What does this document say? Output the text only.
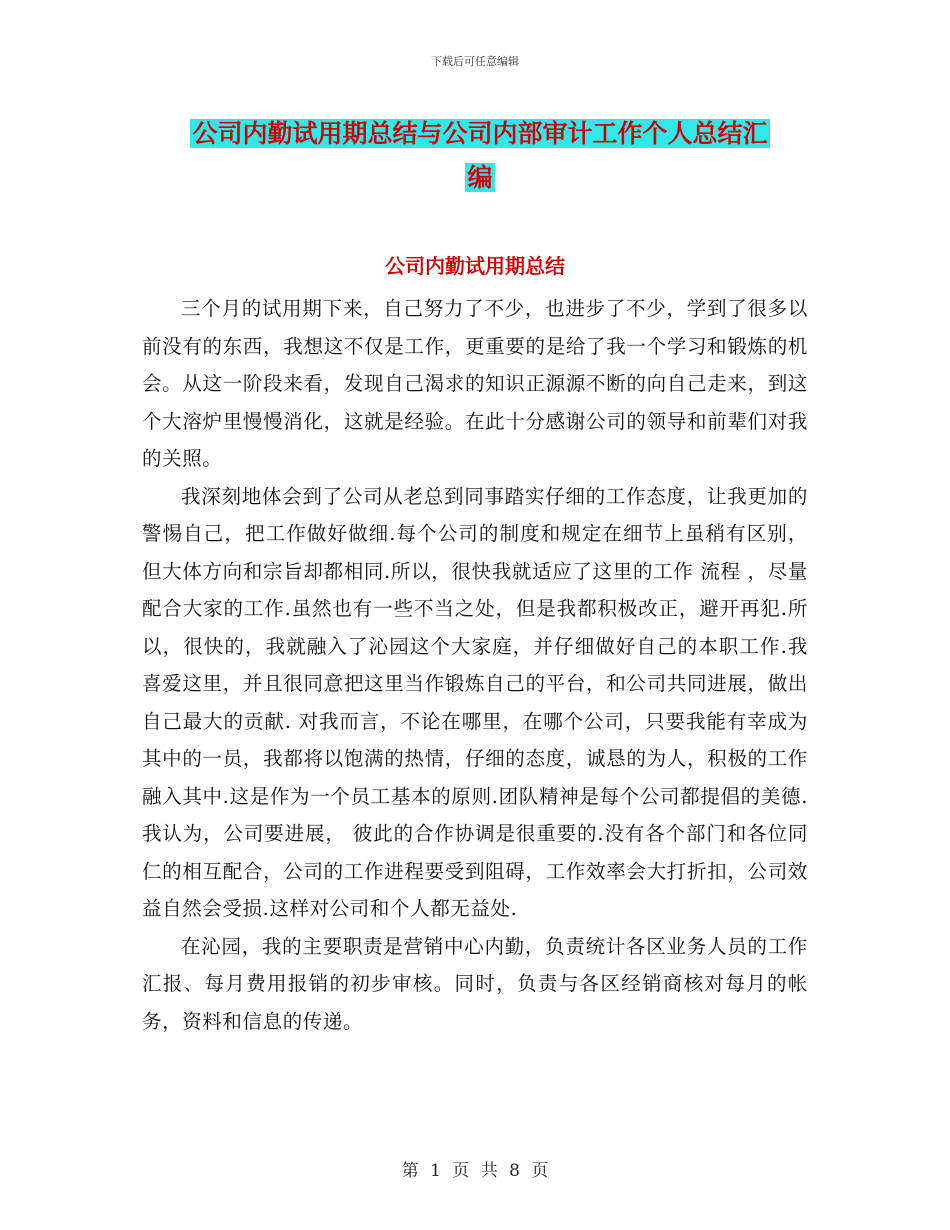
下载后可任意编辑
公司内勤试用期总结与公司内部审计工作个人总结汇
编
公司内勤试用期总结

三个月的试用期下来，自己努力了不少，也进步了不少，学到了很多以前没有的东西，我想这不仅是工作，更重要的是给了我一个学习和锻炼的机会。从这一阶段来看，发现自己渴求的知识正源源不断的向自己走来，到这个大溶炉里慢慢消化，这就是经验。在此十分感谢公司的领导和前辈们对我的关照。

我深刻地体会到了公司从老总到同事踏实仔细的工作态度，让我更加的警惕自己，把工作做好做细.每个公司的制度和规定在细节上虽稍有区别，但大体方向和宗旨却都相同.所以，很快我就适应了这里的工作 流程 ，尽量配合大家的工作.虽然也有一些不当之处，但是我都积极改正，避开再犯.所以，很快的，我就融入了沁园这个大家庭，并仔细做好自己的本职工作.我喜爱这里，并且很同意把这里当作锻炼自己的平台，和公司共同进展，做出自己最大的贡献. 对我而言，不论在哪里，在哪个公司，只要我能有幸成为其中的一员，我都将以饱满的热情，仔细的态度，诚恳的为人，积极的工作融入其中.这是作为一个员工基本的原则.团队精神是每个公司都提倡的美德.我认为，公司要进展， 彼此的合作协调是很重要的.没有各个部门和各位同仁的相互配合，公司的工作进程要受到阻碍，工作效率会大打折扣，公司效益自然会受损.这样对公司和个人都无益处.

在沁园，我的主要职责是营销中心内勤，负责统计各区业务人员的工作汇报、每月费用报销的初步审核。同时，负责与各区经销商核对每月的帐务，资料和信息的传递。

第 1 页 共 8 页
